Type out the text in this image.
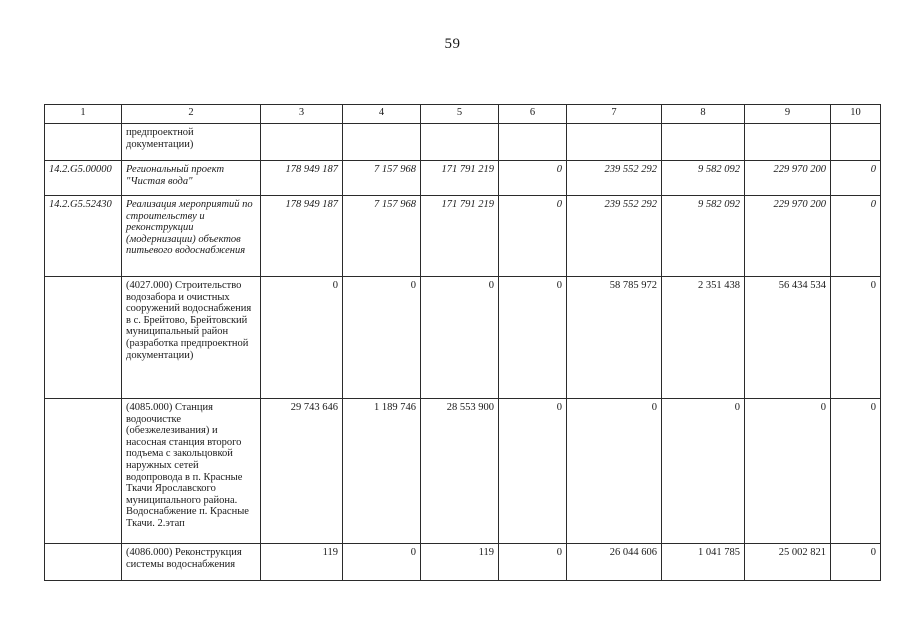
59
1	2	3	4	5	6	7	8	9	10
	предпроектной документации)								
14.2.G5.00000	Региональный проект "Чистая вода"	178 949 187	7 157 968	171 791 219	0	239 552 292	9 582 092	229 970 200	0
14.2.G5.52430	Реализация мероприятий по строительству и реконструкции (модернизации) объектов питьевого водоснабжения	178 949 187	7 157 968	171 791 219	0	239 552 292	9 582 092	229 970 200	0
	(4027.000) Строительство водозабора и очистных сооружений водоснабжения в с. Брейтово, Брейтовский муниципальный район (разработка предпроектной документации)	0	0	0	0	58 785 972	2 351 438	56 434 534	0
	(4085.000) Станция водоочистке (обезжелезивания) и насосная станция второго подъема с закольцовкой наружных сетей водопровода в п. Красные Ткачи Ярославского муниципального района. Водоснабжение п. Красные Ткачи. 2.этап	29 743 646	1 189 746	28 553 900	0	0	0	0	0
	(4086.000) Реконструкция системы водоснабжения	119	0	119	0	26 044 606	1 041 785	25 002 821	0
